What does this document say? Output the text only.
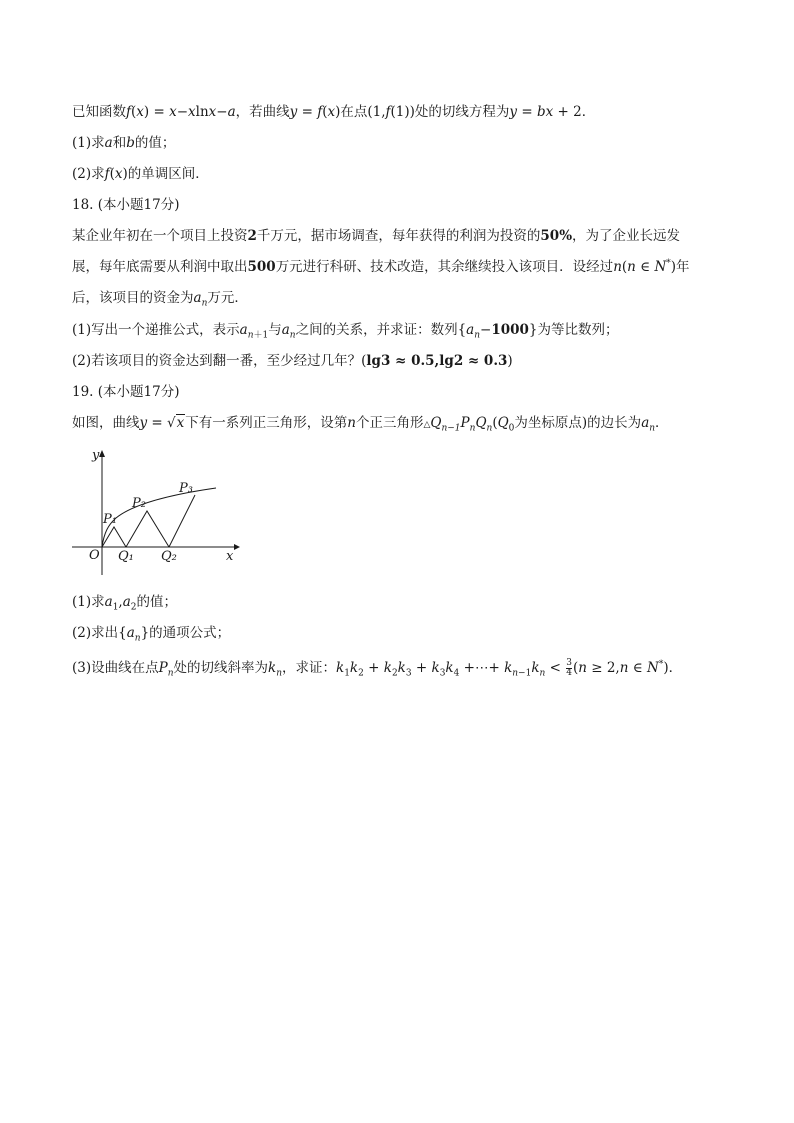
已知函数f(x) = x−xlnx−a，若曲线y = f(x)在点(1,f(1))处的切线方程为y = bx + 2．
(1)求a和b的值；
(2)求f(x)的单调区间．
18. (本小题17分)
某企业年初在一个项目上投资2千万元，据市场调查，每年获得的利润为投资的50%，为了企业长远发
展，每年底需要从利润中取出500万元进行科研、技术改造，其余继续投入该项目．设经过n(n ∈ N*)年
后，该项目的资金为$a_n$万元．
(1)写出一个递推公式，表示$a_{n+1}$与$a_n$之间的关系，并求证：数列$\{a_n-1000\}$为等比数列；
(2)若该项目的资金达到翻一番，至少经过几年？(lg3 ≈ 0.5,lg2 ≈ 0.3)
19. (本小题17分)
如图，曲线y = √x下有一系列正三角形，设第n个正三角形$\triangle Q_{n-1}P_nQ_n(Q_0$为坐标原点)的边长为$a_n$．
y
x
O
P₁
P₂
P₃
Q₁ Q₂
(1)求$a_1,a_2$的值；
(2)求出$\{a_n\}$的通项公式；
(3)设曲线在点$P_n$处的切线斜率为$k_n$，求证：$k_1k_2 + k_2k_3 + k_3k_4$ +⋯+ $k_{n-1}k_n < \frac{3}{4} (n \ge 2,n$ ∈ N*)．
